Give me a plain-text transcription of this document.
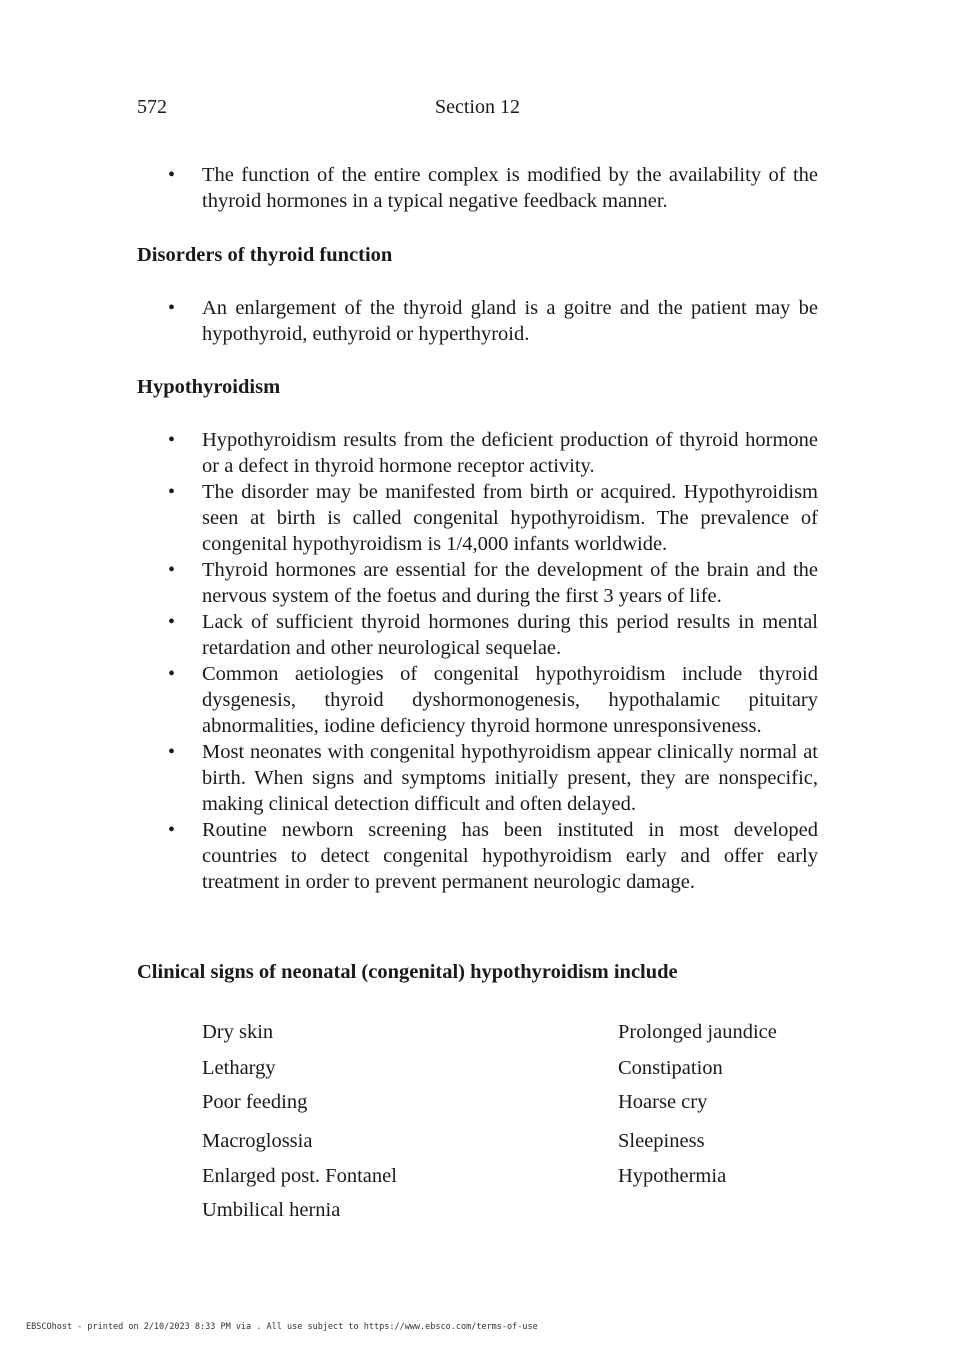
572	Section 12
• The function of the entire complex is modified by the availability of the thyroid hormones in a typical negative feedback manner.
Disorders of thyroid function
• An enlargement of the thyroid gland is a goitre and the patient may be hypothyroid, euthyroid or hyperthyroid.
Hypothyroidism
• Hypothyroidism results from the deficient production of thyroid hormone or a defect in thyroid hormone receptor activity.
• The disorder may be manifested from birth or acquired. Hypothyroidism seen at birth is called congenital hypothyroidism. The prevalence of congenital hypothyroidism is 1/4,000 infants worldwide.
• Thyroid hormones are essential for the development of the brain and the nervous system of the foetus and during the first 3 years of life.
• Lack of sufficient thyroid hormones during this period results in mental retardation and other neurological sequelae.
• Common aetiologies of congenital hypothyroidism include thyroid dysgenesis, thyroid dyshormonogenesis, hypothalamic pituitary abnormalities, iodine deficiency thyroid hormone unresponsiveness.
• Most neonates with congenital hypothyroidism appear clinically normal at birth. When signs and symptoms initially present, they are nonspecific, making clinical detection difficult and often delayed.
• Routine newborn screening has been instituted in most developed countries to detect congenital hypothyroidism early and offer early treatment in order to prevent permanent neurologic damage.
Clinical signs of neonatal (congenital) hypothyroidism include
Dry skin
Lethargy
Poor feeding
Macroglossia
Enlarged post. Fontanel
Umbilical hernia
Prolonged jaundice
Constipation
Hoarse cry
Sleepiness
Hypothermia
EBSCOhost - printed on 2/10/2023 8:33 PM via . All use subject to https://www.ebsco.com/terms-of-use
